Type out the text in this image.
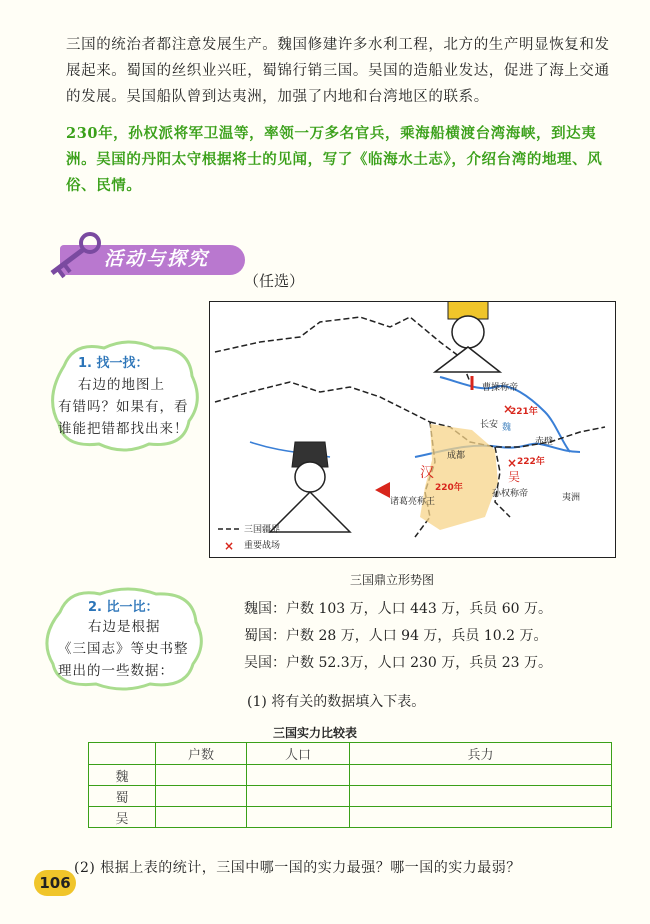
三国的统治者都注意发展生产。魏国修建许多水利工程，北方的生产明显恢复和发展起来。蜀国的丝织业兴旺，蜀锦行销三国。吴国的造船业发达，促进了海上交通的发展。吴国船队曾到达夷洲，加强了内地和台湾地区的联系。
230年，孙权派将军卫温等，率领一万多名官兵，乘海船横渡台湾海峡，到达夷洲。吴国的丹阳太守根据将士的见闻，写了《临海水土志》，介绍台湾的地理、风俗、民情。
活动与探究
（任选）
×
×
×
曹操称帝
221年
长安 魏
赤壁
222年
成都
汉	吴
孙权称帝
220年
诸葛亮称王	夷洲
三国疆界
重要战场
三国鼎立形势图
1. 找一找：
右边的地图上
有错吗？如果有，看
谁能把错都找出来！
2. 比一比：
右边是根据
《三国志》等史书整
理出的一些数据：
魏国：户数 103 万，人口 443 万，兵员 60 万。
蜀国：户数 28 万，人口 94 万，兵员 10.2 万。
吴国：户数 52.3万，人口 230 万，兵员 23 万。
(1) 将有关的数据填入下表。
三国实力比较表
	户数	人口	兵力
魏			
蜀			
吴			
(2) 根据上表的统计，三国中哪一国的实力最强？哪一国的实力最弱？
106
